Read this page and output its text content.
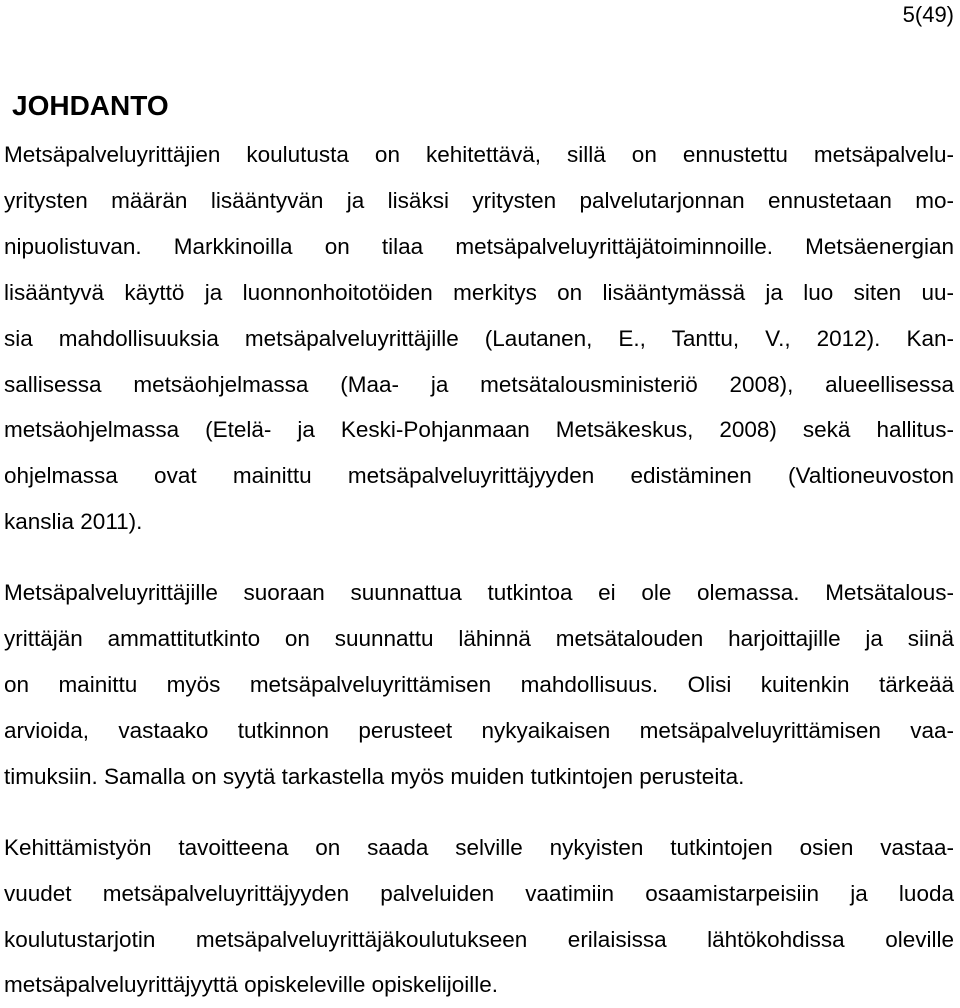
5(49)
JOHDANTO

Metsäpalveluyrittäjien koulutusta on kehitettävä, sillä on ennustettu metsäpalvelu-
yritysten määrän lisääntyvän ja lisäksi yritysten palvelutarjonnan ennustetaan mo-
nipuolistuvan. Markkinoilla on tilaa metsäpalveluyrittäjätoiminnoille. Metsäenergian
lisääntyvä käyttö ja luonnonhoitotöiden merkitys on lisääntymässä ja luo siten uu-
sia mahdollisuuksia metsäpalveluyrittäjille (Lautanen, E., Tanttu, V., 2012). Kan-
sallisessa metsäohjelmassa (Maa- ja metsätalousministeriö 2008), alueellisessa
metsäohjelmassa (Etelä- ja Keski-Pohjanmaan Metsäkeskus, 2008) sekä hallitus-
ohjelmassa ovat mainittu metsäpalveluyrittäjyyden edistäminen (Valtioneuvoston
kanslia 2011).

Metsäpalveluyrittäjille suoraan suunnattua tutkintoa ei ole olemassa. Metsätalous-
yrittäjän ammattitutkinto on suunnattu lähinnä metsätalouden harjoittajille ja siinä
on mainittu myös metsäpalveluyrittämisen mahdollisuus. Olisi kuitenkin tärkeää
arvioida, vastaako tutkinnon perusteet nykyaikaisen metsäpalveluyrittämisen vaa-
timuksiin. Samalla on syytä tarkastella myös muiden tutkintojen perusteita.

Kehittämistyön tavoitteena on saada selville nykyisten tutkintojen osien vastaa-
vuudet metsäpalveluyrittäjyyden palveluiden vaatimiin osaamistarpeisiin ja luoda
koulutustarjotin metsäpalveluyrittäjäkoulutukseen erilaisissa lähtökohdissa oleville
metsäpalveluyrittäjyyttä opiskeleville opiskelijoille.
